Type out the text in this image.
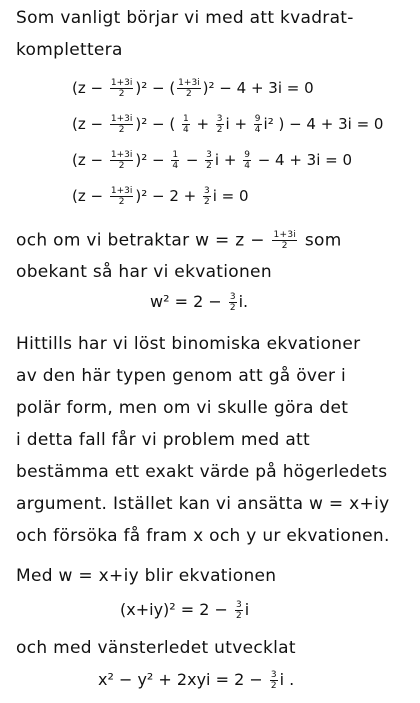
Som vanligt börjar vi med att kvadrat-
komplettera
$(z - \frac{1+3i}{2} )^2$ − ( $\frac{1+3i}{2} )^2 - 4 + 3i = 0$
$(z - \frac{1+3i}{2} )^2$ − ( $\frac{1}{4} + \frac{3}{2}$ $i + \frac{9}{4} i^2$ ) − 4 + 3i = 0
$(z - \frac{1+3i}{2} )^2 - \frac{1}{4} - \frac{3}{2}$ $i + \frac{9}{4} - 4 + 3i = 0$
$(z - \frac{1+3i}{2} )^2 - 2 + \frac{3}{2}$ i = 0
och om vi betraktar $w = z - \frac{1+3i}{2}$ som
obekant så har vi ekvationen
$w^2 = 2 - \frac{3}{2} i$.
Hittills har vi löst binomiska ekvationer
av den här typen genom att gå över i
polär form, men om vi skulle göra det
i detta fall får vi problem med att
bestämma ett exakt värde på högerledets
argument. Istället kan vi ansätta w = x+iy
och försöka få fram x och y ur ekvationen.
Med w = x+iy blir ekvationen
$(x+iy)^2 = 2 - \frac{3}{2}$ i
och med vänsterledet utvecklat
$x^2 - y^2 + 2xyi = 2 - \frac{3}{2}$ i .
